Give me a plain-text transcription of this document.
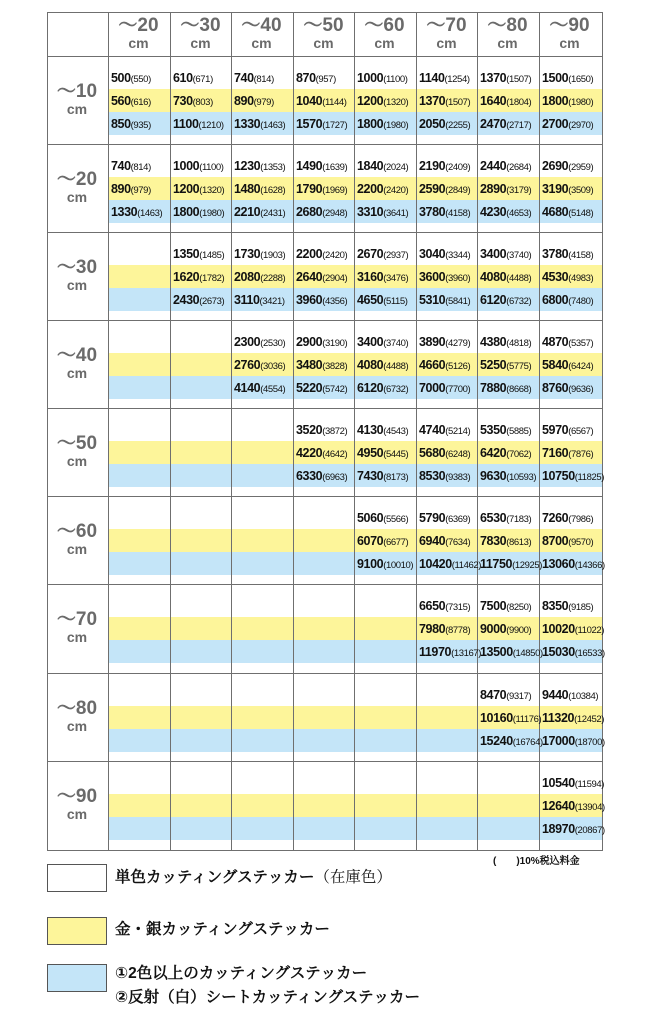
～20
cm
～30
cm
～40
cm
～50
cm
～60
cm
～70
cm
～80
cm
～90
cm
～10
cm
～20
cm
～30
cm
～40
cm
～50
cm
～60
cm
～70
cm
～80
cm
～90
cm
500(550)
560(616)
850(935)
610(671)
730(803)
1100(1210)
740(814)
890(979)
1330(1463)
870(957)
1040(1144)
1570(1727)
1000(1100)
1200(1320)
1800(1980)
1140(1254)
1370(1507)
2050(2255)
1370(1507)
1640(1804)
2470(2717)
1500(1650)
1800(1980)
2700(2970)
740(814)
890(979)
1330(1463)
1000(1100)
1200(1320)
1800(1980)
1230(1353)
1480(1628)
2210(2431)
1490(1639)
1790(1969)
2680(2948)
1840(2024)
2200(2420)
3310(3641)
2190(2409)
2590(2849)
3780(4158)
2440(2684)
2890(3179)
4230(4653)
2690(2959)
3190(3509)
4680(5148)
1350(1485)
1620(1782)
2430(2673)
1730(1903)
2080(2288)
3110(3421)
2200(2420)
2640(2904)
3960(4356)
2670(2937)
3160(3476)
4650(5115)
3040(3344)
3600(3960)
5310(5841)
3400(3740)
4080(4488)
6120(6732)
3780(4158)
4530(4983)
6800(7480)
2300(2530)
2760(3036)
4140(4554)
2900(3190)
3480(3828)
5220(5742)
3400(3740)
4080(4488)
6120(6732)
3890(4279)
4660(5126)
7000(7700)
4380(4818)
5250(5775)
7880(8668)
4870(5357)
5840(6424)
8760(9636)
3520(3872)
4220(4642)
6330(6963)
4130(4543)
4950(5445)
7430(8173)
4740(5214)
5680(6248)
8530(9383)
5350(5885)
6420(7062)
9630(10593)
5970(6567)
7160(7876)
10750(11825)
5060(5566)
6070(6677)
9100(10010)
5790(6369)
6940(7634)
10420(11462)
6530(7183)
7830(8613)
11750(12925)
7260(7986)
8700(9570)
13060(14366)
6650(7315)
7980(8778)
11970(13167)
7500(8250)
9000(9900)
13500(14850)
8350(9185)
10020(11022)
15030(16533)
8470(9317)
10160(11176)
15240(16764)
9440(10384)
11320(12452)
17000(18700)
10540(11594)
12640(13904)
18970(20867)
(　　)10%税込料金
単色カッティングステッカー（在庫色）
金・銀カッティングステッカー
①2色以上のカッティングステッカー
②反射（白）シートカッティングステッカー
